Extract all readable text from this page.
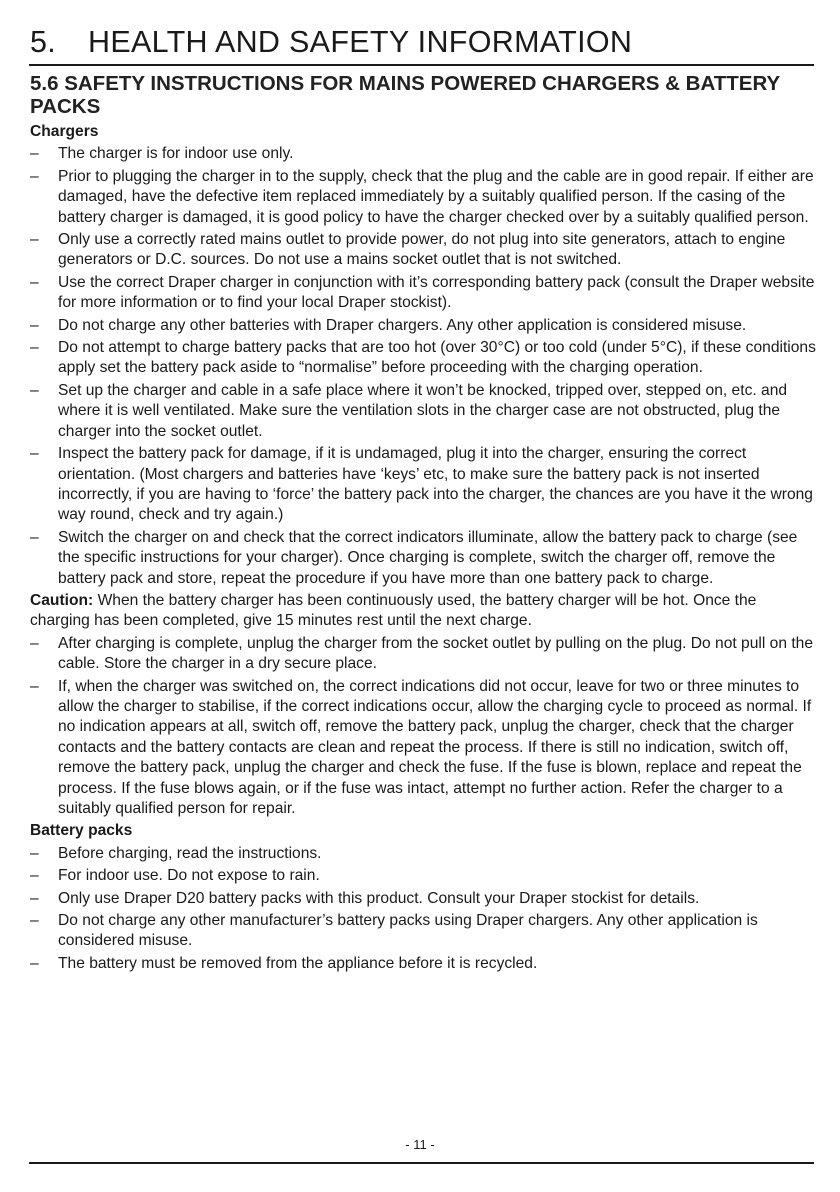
5. HEALTH AND SAFETY INFORMATION
5.6 SAFETY INSTRUCTIONS FOR MAINS POWERED CHARGERS & BATTERY PACKS
Chargers
–	The charger is for indoor use only.
–	Prior to plugging the charger in to the supply, check that the plug and the cable are in good repair. If either are damaged, have the defective item replaced immediately by a suitably qualified person. If the casing of the battery charger is damaged, it is good policy to have the charger checked over by a suitably qualified person.
–	Only use a correctly rated mains outlet to provide power, do not plug into site generators, attach to engine generators or D.C. sources. Do not use a mains socket outlet that is not switched.
–	Use the correct Draper charger in conjunction with it’s corresponding battery pack (consult the Draper website for more information or to find your local Draper stockist).
–	Do not charge any other batteries with Draper chargers. Any other application is considered misuse.
–	Do not attempt to charge battery packs that are too hot (over 30°C) or too cold (under 5°C), if these conditions apply set the battery pack aside to “normalise” before proceeding with the charging operation.
–	Set up the charger and cable in a safe place where it won’t be knocked, tripped over, stepped on, etc. and where it is well ventilated. Make sure the ventilation slots in the charger case are not obstructed, plug the charger into the socket outlet.
–	Inspect the battery pack for damage, if it is undamaged, plug it into the charger, ensuring the correct orientation. (Most chargers and batteries have ‘keys’ etc, to make sure the battery pack is not inserted incorrectly, if you are having to ‘force’ the battery pack into the charger, the chances are you have it the wrong way round, check and try again.)
–	Switch the charger on and check that the correct indicators illuminate, allow the battery pack to charge (see the specific instructions for your charger). Once charging is complete, switch the charger off, remove the battery pack and store, repeat the procedure if you have more than one battery pack to charge.

Caution: When the battery charger has been continuously used, the battery charger will be hot. Once the charging has been completed, give 15 minutes rest until the next charge.

–	After charging is complete, unplug the charger from the socket outlet by pulling on the plug. Do not pull on the cable. Store the charger in a dry secure place.
–	If, when the charger was switched on, the correct indications did not occur, leave for two or three minutes to allow the charger to stabilise, if the correct indications occur, allow the charging cycle to proceed as normal. If no indication appears at all, switch off, remove the battery pack, unplug the charger, check that the charger contacts and the battery contacts are clean and repeat the process. If there is still no indication, switch off, remove the battery pack, unplug the charger and check the fuse. If the fuse is blown, replace and repeat the process. If the fuse blows again, or if the fuse was intact, attempt no further action. Refer the charger to a suitably qualified person for repair.
Battery packs
–	Before charging, read the instructions.
–	For indoor use. Do not expose to rain.
–	Only use Draper D20 battery packs with this product. Consult your Draper stockist for details.
–	Do not charge any other manufacturer’s battery packs using Draper chargers. Any other application is considered misuse.
–	The battery must be removed from the appliance before it is recycled.
- 11 -
